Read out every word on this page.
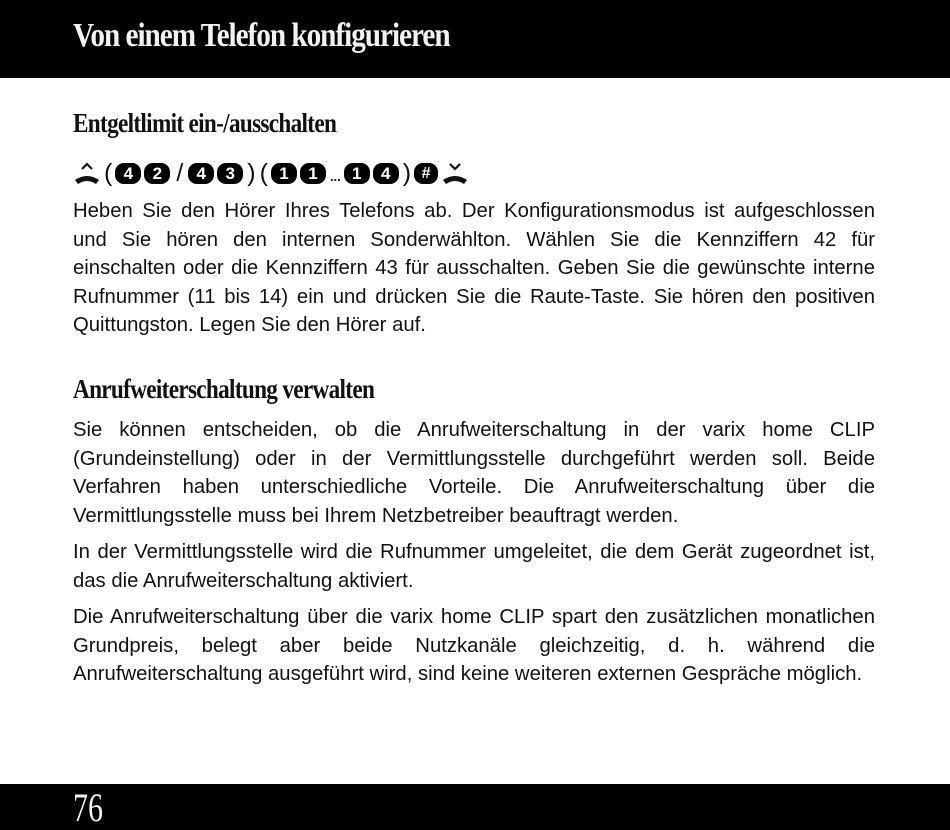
Von einem Telefon konfigurieren
Entgeltlimit ein-/ausschalten
( 4	2 / 4	3 ) ( 1	1 ... 1	4 ) #

Heben Sie den Hörer Ihres Telefons ab. Der Konfigurationsmodus ist aufgeschlossen und Sie hören den internen Sonderwählton. Wählen Sie die Kennziffern 42 für einschalten oder die Kennziffern 43 für ausschalten. Geben Sie die gewünschte interne Rufnummer (11 bis 14) ein und drücken Sie die Raute-Taste. Sie hören den positiven Quittungston. Legen Sie den Hörer auf.

Anrufweiterschaltung verwalten

Sie können entscheiden, ob die Anrufweiterschaltung in der varix home CLIP (Grundeinstellung) oder in der Vermittlungsstelle durchgeführt werden soll. Beide Verfahren haben unterschiedliche Vorteile. Die Anrufweiterschaltung über die Vermittlungsstelle muss bei Ihrem Netzbetreiber beauftragt werden.

In der Vermittlungsstelle wird die Rufnummer umgeleitet, die dem Gerät zugeordnet ist, das die Anrufweiterschaltung aktiviert.

Die Anrufweiterschaltung über die varix home CLIP spart den zusätzlichen monatlichen Grundpreis, belegt aber beide Nutzkanäle gleichzeitig, d. h. während die Anrufweiterschaltung ausgeführt wird, sind keine weiteren externen Gespräche möglich.

76
